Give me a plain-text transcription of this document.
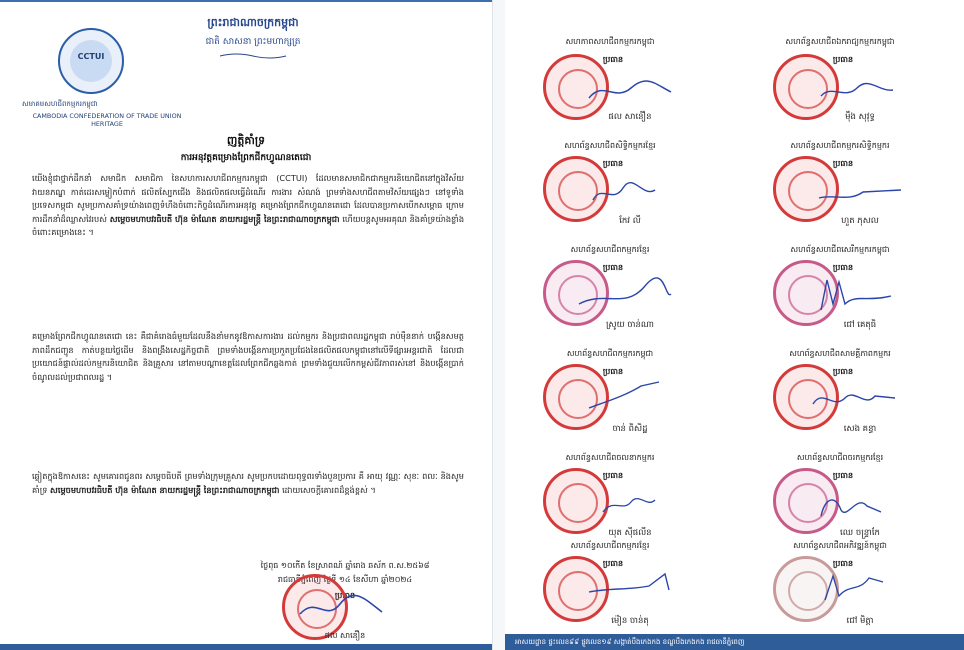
CCTUI
សមាគមសហជីពកម្មករកម្ពុជា
CAMBODIA CONFEDERATION OF TRADE UNION HERITAGE
ព្រះរាជាណាចក្រកម្ពុជា
ជាតិ សាសនា ព្រះមហាក្សត្រ
ញត្តិគាំទ្រ
ការអនុវត្តគម្រោងព្រែកជីកហ្វូណនតេជោ
យើងខ្ញុំជាថ្នាក់ដឹកនាំ សមាជិក សមាជិកា នៃសហការសហជីពកម្មករកម្ពុជា (CCTUI) ដែលមានសមាជិកជាកម្មករនិយោជិតនៅក្នុងវិស័យវាយនភណ្ឌ កាត់ដេរសម្លៀកបំពាក់ ផលិតស្បែកជើង និងផលិតផលធ្វើដំណើរ ការងារ សំណង់ ព្រមទាំងសហជីពតាមវិស័យផ្សេងៗ នៅទូទាំងប្រទេសកម្ពុជា សូមប្រកាសគាំទ្រយ៉ាងពេញទំហឹងចំពោះកិច្ចដំណើរការអនុវត្ត គម្រោងព្រែកជីកហ្វូណនតេជោ ដែលបានប្រកាសបើកសម្ពោធ ក្រោមការដឹកនាំដ៏ឈ្លាសវៃរបស់ សម្តេចមហាបវរធិបតី ហ៊ុន ម៉ាណែត នាយករដ្ឋមន្ត្រី នៃព្រះរាជាណាចក្រកម្ពុជា ហើយបន្តសូមអរគុណ និងគាំទ្រយ៉ាងខ្លាំងចំពោះគម្រោងនេះ ។
គម្រោងព្រែកជីកហ្វូណនតេជោ នេះ គឺជាគំរោងធំមួយដែលនឹងនាំមកនូវឱកាសការងារ ដល់កម្មករ និងប្រជាពលរដ្ឋកម្ពុជា រាប់ម៉ឺននាក់ បង្កើនសមត្ថភាពដឹកជញ្ជូន កាត់បន្ថយថ្លៃដើម និងពង្រឹងសេដ្ឋកិច្ចជាតិ ព្រមទាំងបង្កើនការប្រកួតប្រជែងនៃផលិតផលកម្ពុជានៅលើទីផ្សារអន្តរជាតិ ដែលជាប្រយោជន៍ផ្ទាល់ដល់កម្មករនិយោជិត និងគ្រួសារ នៅតាមបណ្តាខេត្តដែលព្រែកជីកឆ្លងកាត់ ព្រមទាំងជួយលើកកម្ពស់ជីវភាពរស់នៅ និងបង្កើនប្រាក់ចំណូលដល់ប្រជាពលរដ្ឋ ។
ឆ្លៀតក្នុងឱកាសនេះ សូមគោរពជូនពរ សម្តេចធិបតី ព្រមទាំងក្រុមគ្រួសារ សូមប្រកបដោយពុទ្ធពរទាំងបួនប្រការ គឺ អាយុ វណ្ណៈ សុខៈ ពលៈ និងសូមគាំទ្រ សម្តេចមហាបវរធិបតី ហ៊ុន ម៉ាណែត នាយករដ្ឋមន្ត្រី នៃព្រះរាជាណាចក្រកម្ពុជា ដោយសេចក្តីគោរពដ៏ខ្ពង់ខ្ពស់ ។
ថ្ងៃពុធ ១០កើត ខែស្រាពណ៍ ឆ្នាំរោង ឆស័ក ព.ស.២៥៦៨
រាជធានីភ្នំពេញ ថ្ងៃទី ១៤ ខែសីហា ឆ្នាំ២០២៤
ប្រធាន
ផល សាន់ឿន
សហភាពសហជីពកម្មករកម្ពុជា
ប្រធាន
ផល សាន់ឿន
សហព័ន្ធសហជីពឯករាជ្យកម្មករកម្ពុជា
ប្រធាន
ម៉ឹង សុវុទ្ធ
សហព័ន្ធសហជីពសិទ្ធិកម្មករខ្មែរ
ប្រធាន
កែវ លី
សហព័ន្ធសហជីពកម្មករសិទ្ធិកម្មករ
ប្រធាន
ហួត ភុសល
សហព័ន្ធសហជីពកម្មករខ្មែរ
ប្រធាន
ស្រូយ ចាន់ណា
សហព័ន្ធសហជីពសេរីកម្មករកម្ពុជា
ប្រធាន
ជៅ គេតុធិ
សហព័ន្ធសហជីពកម្មករកម្ពុជា
ប្រធាន
ចាន់ ពិសិដ្ឋ
សហព័ន្ធសហជីពសាមគ្គីភាពកម្មករ
ប្រធាន
សេង គន្ធា
សហព័ន្ធសហជីពចលនាកម្មករ
ប្រធាន
យុត ស៊ីផលីន
សហព័ន្ធសហជីពចរកម្មករខ្មែរ
ប្រធាន
ឈេ ចន្ទ្រាកែ
សហព័ន្ធសហជីពកម្មករខ្មែរ
ប្រធាន
ម៉ៀន ចាន់តុ
សហព័ន្ធសហជីពអភិវឌ្ឍន៍កម្ពុជា
ប្រធាន
ជៅ មិត្តា
អាសយដ្ឋាន ផ្ទះលេខ៩៩ ផ្លូវលេខ១៩ សង្កាត់បឹងកេងកង ខណ្ឌបឹងកេងកង រាជធានីភ្នំពេញ
